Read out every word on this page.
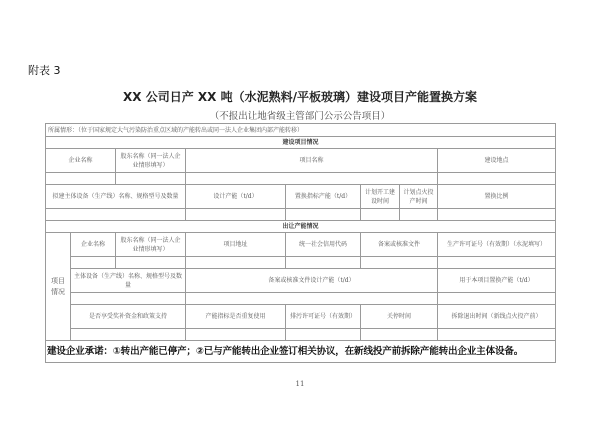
附表 3
XX 公司日产 XX 吨（水泥熟料/平板玻璃）建设项目产能置换方案
（不报出让地省级主管部门公示公告项目）
所属情形：（位于国家规定大气污染防治重点区域的产能转出或同一法人企业集团内部产能转移）							
建设项目情况							
企业名称		股东名称（同一法人企业情形填写）	项目名称				建设地点

拟建主体设备（生产线）名称、规格型号及数量			设计产能（t/d）	置换指标产能（t/d）	计划开工建设时间	计划点火投产时间	置换比例

出让产能情况							
项目情况	企业名称	股东名称（同一法人企业情形填写）	项目地址	统一社会信用代码	备案或核准文件		生产许可证号（有效期）（水泥填写）

	主体设备（生产线）名称、规格型号及数量		备案或核准文件设计产能（t/d）				用于本项目置换产能（t/d）

	是否享受奖补资金和政策支持		产能指标是否重复使用	排污许可证号（有效期）	关停时间		拆除退出时间（新线点火投产前）

建设企业承诺：①转出产能已停产；②已与产能转出企业签订相关协议，在新线投产前拆除产能转出企业主体设备。							
11
